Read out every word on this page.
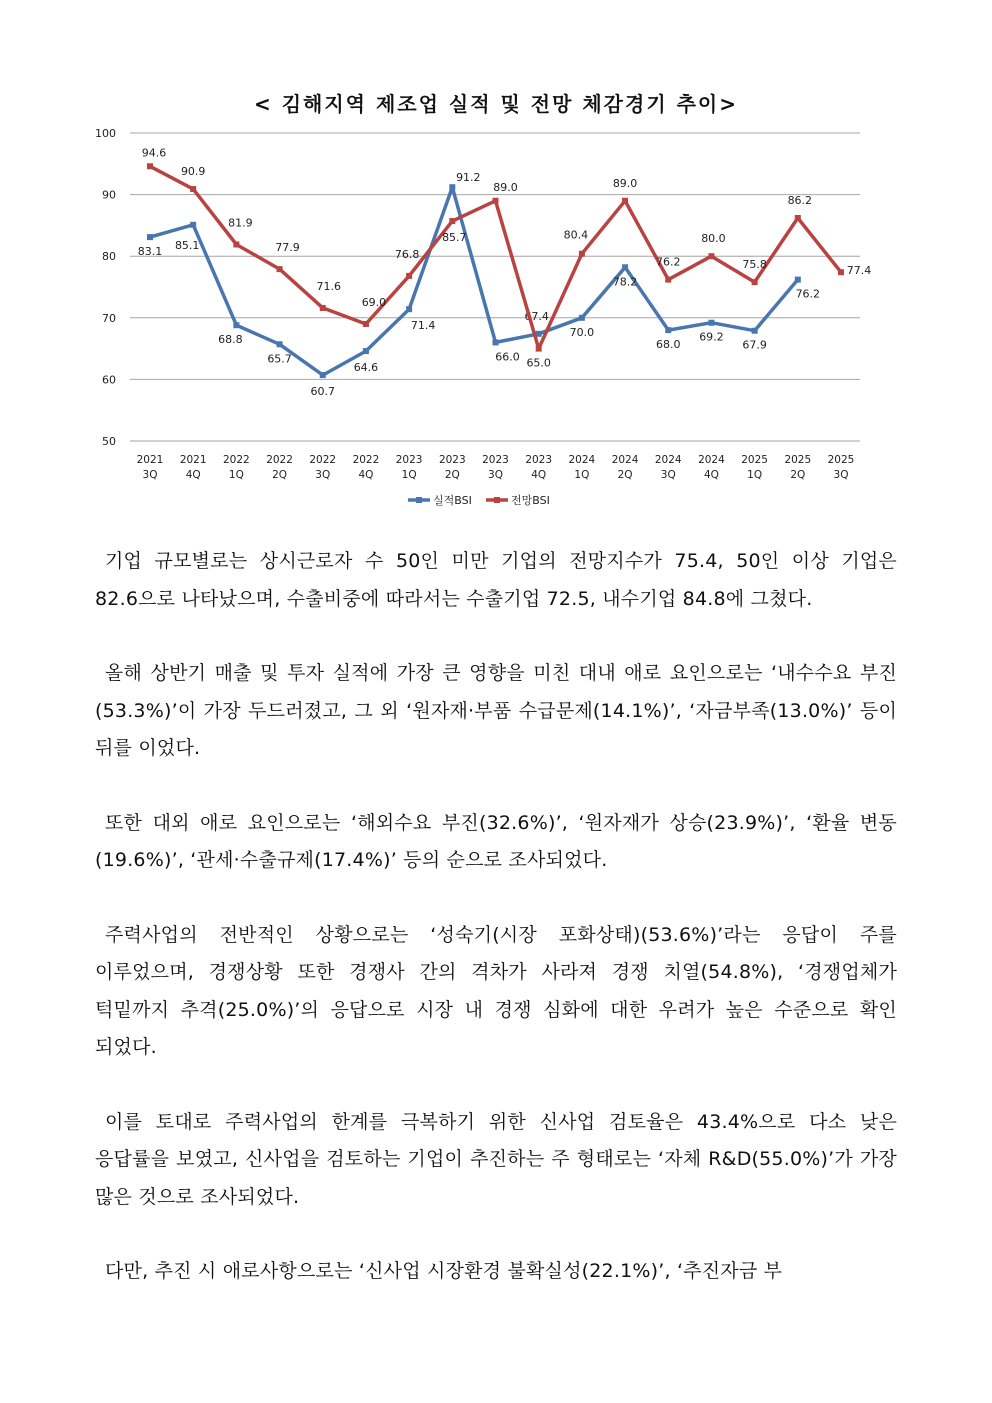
< 김해지역 제조업 실적 및 전망 체감경기 추이>
50
60
70
80
90
100
2021
3Q
2021
4Q
2022
1Q
2022
2Q
2022
3Q
2022
4Q
2023
1Q
2023
2Q
2023
3Q
2023
4Q
2024
1Q
2024
2Q
2024
3Q
2024
4Q
2025
1Q
2025
2Q
2025
3Q
83.1 85.1
68.8
65.7
60.7
64.6
71.4
91.2
66.0
67.4
70.0
78.2
68.0
69.2
67.9
76.2
94.6
90.9
81.9
77.9
71.6
69.0
76.8
85.7
89.0
65.0
80.4
89.0
76.2
80.0
75.8
86.2
77.4
실적BSI	전망BSI

기업 규모별로는 상시근로자 수 50인 미만 기업의 전망지수가 75.4, 50인 이상 기업은 82.6으로 나타났으며, 수출비중에 따라서는 수출기업 72.5, 내수기업 84.8에 그쳤다.

올해 상반기 매출 및 투자 실적에 가장 큰 영향을 미친 대내 애로 요인으로는 ‘내수수요 부진(53.3%)’이 가장 두드러졌고, 그 외 ‘원자재·부품 수급문제(14.1%)’, ‘자금부족(13.0%)’ 등이 뒤를 이었다.

또한 대외 애로 요인으로는 ‘해외수요 부진(32.6%)’, ‘원자재가 상승(23.9%)’, ‘환율 변동(19.6%)’, ‘관세·수출규제(17.4%)’ 등의 순으로 조사되었다.

주력사업의 전반적인 상황으로는 ‘성숙기(시장 포화상태)(53.6%)’라는 응답이 주를 이루었으며, 경쟁상황 또한 경쟁사 간의 격차가 사라져 경쟁 치열(54.8%), ‘경쟁업체가 턱밑까지 추격(25.0%)’의 응답으로 시장 내 경쟁 심화에 대한 우려가 높은 수준으로 확인 되었다.

이를 토대로 주력사업의 한계를 극복하기 위한 신사업 검토율은 43.4%으로 다소 낮은 응답률을 보였고, 신사업을 검토하는 기업이 추진하는 주 형태로는 ‘자체 R&D(55.0%)’가 가장 많은 것으로 조사되었다.

다만, 추진 시 애로사항으로는 ‘신사업 시장환경 불확실성(22.1%)’, ‘추진자금 부
